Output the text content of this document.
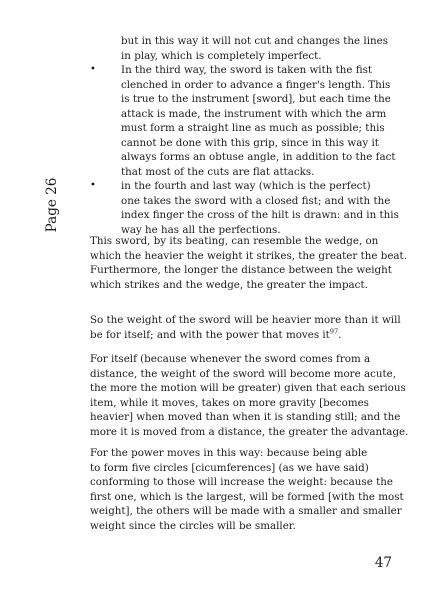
Page 26
but in this way it will not cut and changes the lines
in play, which is completely imperfect.
• In the third way, the sword is taken with the fist
clenched in order to advance a finger's length. This
is true to the instrument [sword], but each time the
attack is made, the instrument with which the arm
must form a straight line as much as possible; this
cannot be done with this grip, since in this way it
always forms an obtuse angle, in addition to the fact
that most of the cuts are flat attacks.
• in the fourth and last way (which is the perfect)
one takes the sword with a closed fist; and with the
index finger the cross of the hilt is drawn: and in this
way he has all the perfections.

This sword, by its beating, can resemble the wedge, on
which the heavier the weight it strikes, the greater the beat.
Furthermore, the longer the distance between the weight
which strikes and the wedge, the greater the impact.

So the weight of the sword will be heavier more than it will
be for itself; and with the power that moves $it^{97}$.

For itself (because whenever the sword comes from a
distance, the weight of the sword will become more acute,
the more the motion will be greater) given that each serious
item, while it moves, takes on more gravity [becomes
heavier] when moved than when it is standing still; and the
more it is moved from a distance, the greater the advantage.

For the power moves in this way: because being able
to form five circles [cicumferences] (as we have said)
conforming to those will increase the weight: because the
first one, which is the largest, will be formed [with the most
weight], the others will be made with a smaller and smaller
weight since the circles will be smaller.

47
